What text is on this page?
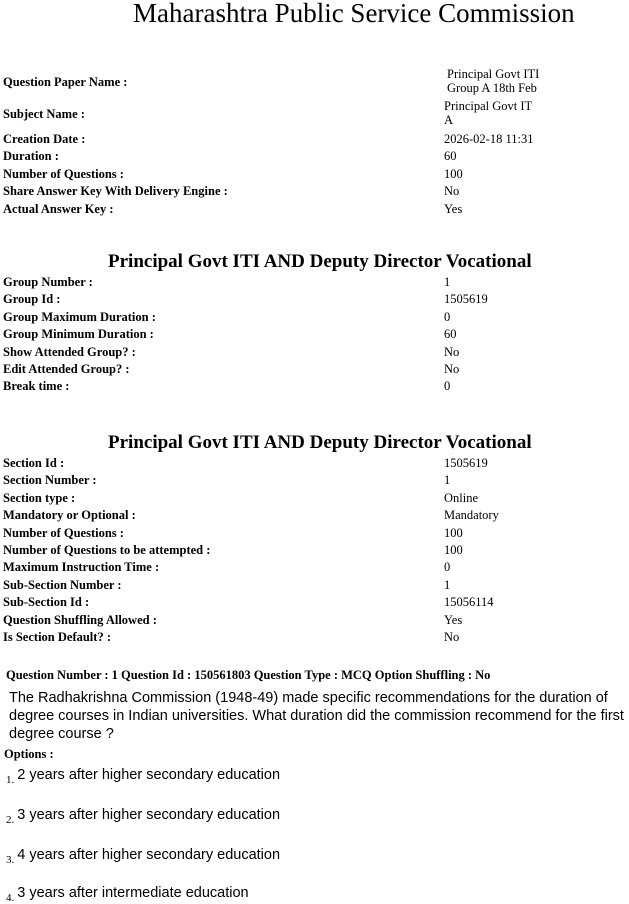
Maharashtra Public Service Commission
Question Paper Name :
Principal Govt ITI
Group A 18th Feb
Subject Name :
Principal Govt IT
A
Creation Date :	2026-02-18 11:31
Duration :	60
Number of Questions :	100
Share Answer Key With Delivery Engine :	No
Actual Answer Key :	Yes
Principal Govt ITI AND Deputy Director Vocational
Group Number :	1
Group Id :	1505619
Group Maximum Duration :	0
Group Minimum Duration :	60
Show Attended Group? :	No
Edit Attended Group? :	No
Break time :	0
Principal Govt ITI AND Deputy Director Vocational
Section Id :	1505619
Section Number :	1
Section type :	Online
Mandatory or Optional :	Mandatory
Number of Questions :	100
Number of Questions to be attempted :	100
Maximum Instruction Time :	0
Sub-Section Number :	1
Sub-Section Id :	15056114
Question Shuffling Allowed :	Yes
Is Section Default? :	No
Question Number : 1 Question Id : 150561803 Question Type : MCQ Option Shuffling : No
The Radhakrishna Commission (1948-49) made specific recommendations for the duration of degree courses in Indian universities. What duration did the commission recommend for the first degree course ?
Options :
$_{1.}$ 2 years after higher secondary education
$_{2.}$ 3 years after higher secondary education
$_{3.}$ 4 years after higher secondary education
$_{4.}$ 3 years after intermediate education
